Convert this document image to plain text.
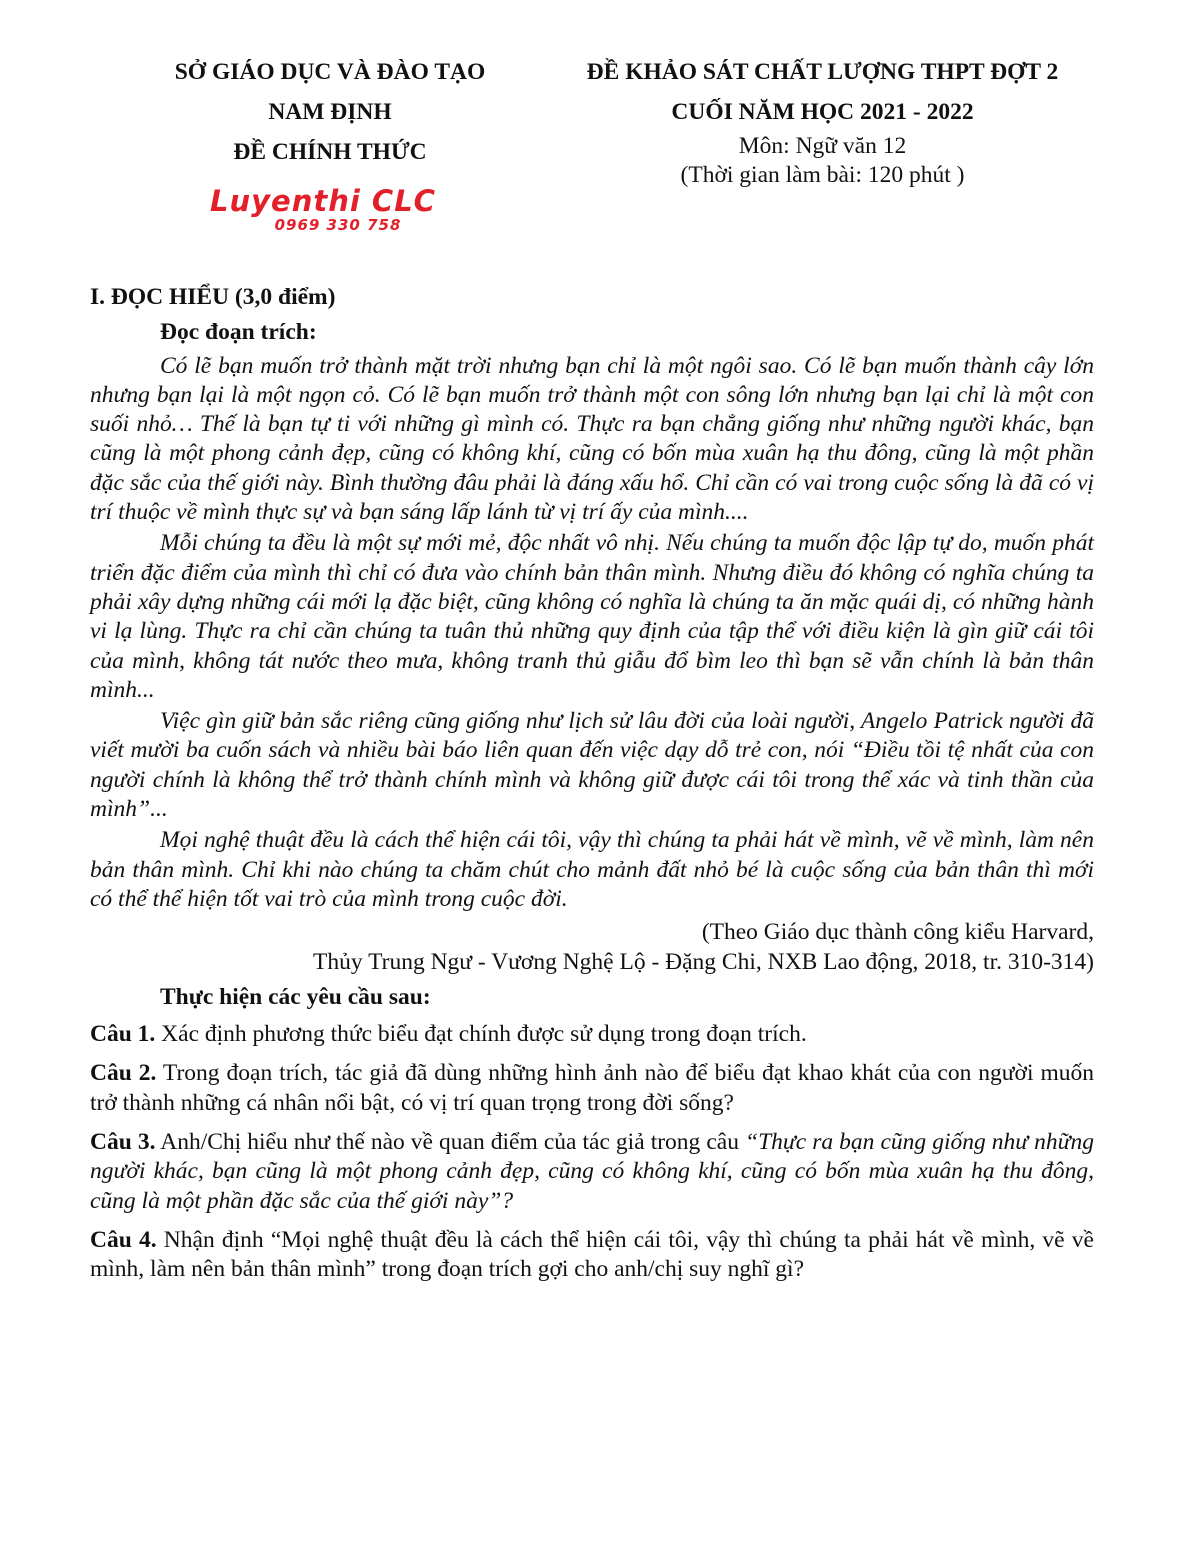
SỞ GIÁO DỤC VÀ ĐÀO TẠO
NAM ĐỊNH
ĐỀ CHÍNH THỨC
ĐỀ KHẢO SÁT CHẤT LƯỢNG THPT ĐỢT 2
CUỐI NĂM HỌC 2021 - 2022
Môn: Ngữ văn 12
(Thời gian làm bài: 120 phút )
Luyenthi CLC
0969 330 758
I. ĐỌC HIỂU (3,0 điểm)
Đọc đoạn trích:

Có lẽ bạn muốn trở thành mặt trời nhưng bạn chỉ là một ngôi sao. Có lẽ bạn muốn thành cây lớn nhưng bạn lại là một ngọn cỏ. Có lẽ bạn muốn trở thành một con sông lớn nhưng bạn lại chỉ là một con suối nhỏ… Thế là bạn tự ti với những gì mình có. Thực ra bạn chẳng giống như những người khác, bạn cũng là một phong cảnh đẹp, cũng có không khí, cũng có bốn mùa xuân hạ thu đông, cũng là một phần đặc sắc của thế giới này. Bình thường đâu phải là đáng xấu hổ. Chỉ cần có vai trong cuộc sống là đã có vị trí thuộc về mình thực sự và bạn sáng lấp lánh từ vị trí ấy của mình....

Mỗi chúng ta đều là một sự mới mẻ, độc nhất vô nhị. Nếu chúng ta muốn độc lập tự do, muốn phát triển đặc điểm của mình thì chỉ có đưa vào chính bản thân mình. Nhưng điều đó không có nghĩa chúng ta phải xây dựng những cái mới lạ đặc biệt, cũng không có nghĩa là chúng ta ăn mặc quái dị, có những hành vi lạ lùng. Thực ra chỉ cần chúng ta tuân thủ những quy định của tập thể với điều kiện là gìn giữ cái tôi của mình, không tát nước theo mưa, không tranh thủ giẫu đổ bìm leo thì bạn sẽ vẫn chính là bản thân mình...

Việc gìn giữ bản sắc riêng cũng giống như lịch sử lâu đời của loài người, Angelo Patrick người đã viết mười ba cuốn sách và nhiều bài báo liên quan đến việc dạy dỗ trẻ con, nói “Điều tồi tệ nhất của con người chính là không thể trở thành chính mình và không giữ được cái tôi trong thể xác và tinh thần của mình”...

Mọi nghệ thuật đều là cách thể hiện cái tôi, vậy thì chúng ta phải hát về mình, vẽ về mình, làm nên bản thân mình. Chỉ khi nào chúng ta chăm chút cho mảnh đất nhỏ bé là cuộc sống của bản thân thì mới có thể thể hiện tốt vai trò của mình trong cuộc đời.

(Theo Giáo dục thành công kiểu Harvard,
Thủy Trung Ngư - Vương Nghệ Lộ - Đặng Chi, NXB Lao động, 2018, tr. 310-314)
Thực hiện các yêu cầu sau:

Câu 1. Xác định phương thức biểu đạt chính được sử dụng trong đoạn trích.

Câu 2. Trong đoạn trích, tác giả đã dùng những hình ảnh nào để biểu đạt khao khát của con người muốn trở thành những cá nhân nổi bật, có vị trí quan trọng trong đời sống?

Câu 3. Anh/Chị hiểu như thế nào về quan điểm của tác giả trong câu “Thực ra bạn cũng giống như những người khác, bạn cũng là một phong cảnh đẹp, cũng có không khí, cũng có bốn mùa xuân hạ thu đông, cũng là một phần đặc sắc của thế giới này”?

Câu 4. Nhận định “Mọi nghệ thuật đều là cách thể hiện cái tôi, vậy thì chúng ta phải hát về mình, vẽ về mình, làm nên bản thân mình” trong đoạn trích gợi cho anh/chị suy nghĩ gì?
